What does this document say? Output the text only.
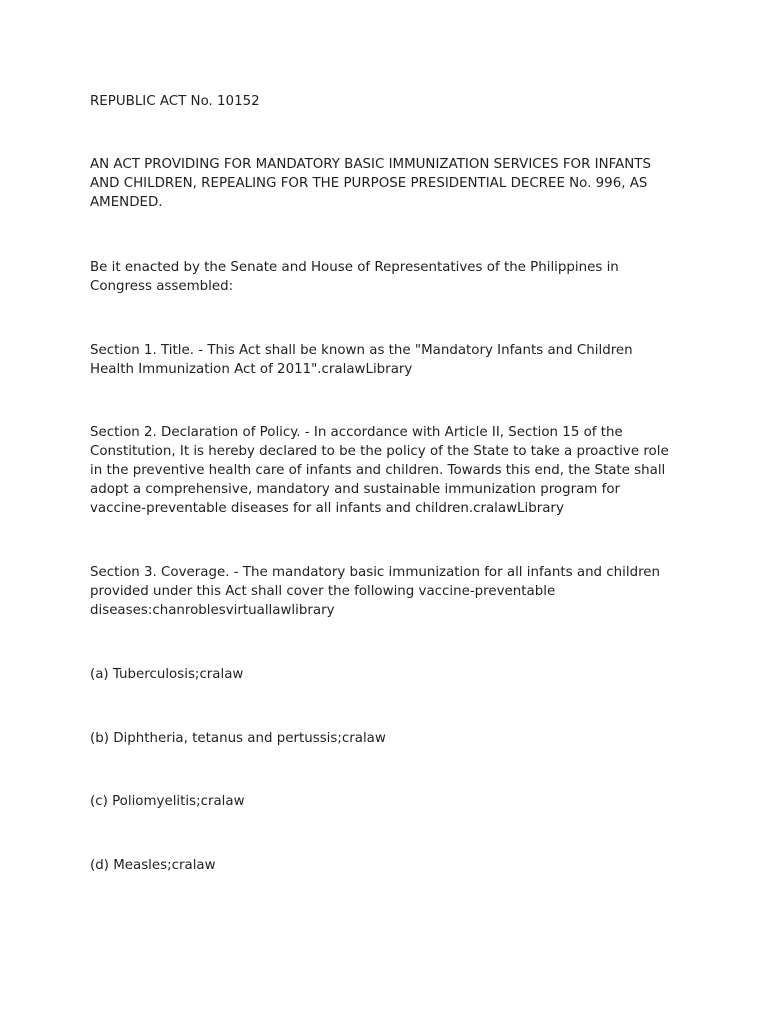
REPUBLIC ACT No. 10152

AN ACT PROVIDING FOR MANDATORY BASIC IMMUNIZATION SERVICES FOR INFANTS AND CHILDREN, REPEALING FOR THE PURPOSE PRESIDENTIAL DECREE No. 996, AS AMENDED.

Be it enacted by the Senate and House of Representatives of the Philippines in Congress assembled:

Section 1. Title. - This Act shall be known as the "Mandatory Infants and Children Health Immunization Act of 2011".cralawLibrary

Section 2. Declaration of Policy. - In accordance with Article II, Section 15 of the Constitution, It is hereby declared to be the policy of the State to take a proactive role in the preventive health care of infants and children. Towards this end, the State shall adopt a comprehensive, mandatory and sustainable immunization program for vaccine-preventable diseases for all infants and children.cralawLibrary

Section 3. Coverage. - The mandatory basic immunization for all infants and children provided under this Act shall cover the following vaccine-preventable diseases:chanroblesvirtuallawlibrary

(a) Tuberculosis;cralaw

(b) Diphtheria, tetanus and pertussis;cralaw

(c) Poliomyelitis;cralaw

(d) Measles;cralaw
